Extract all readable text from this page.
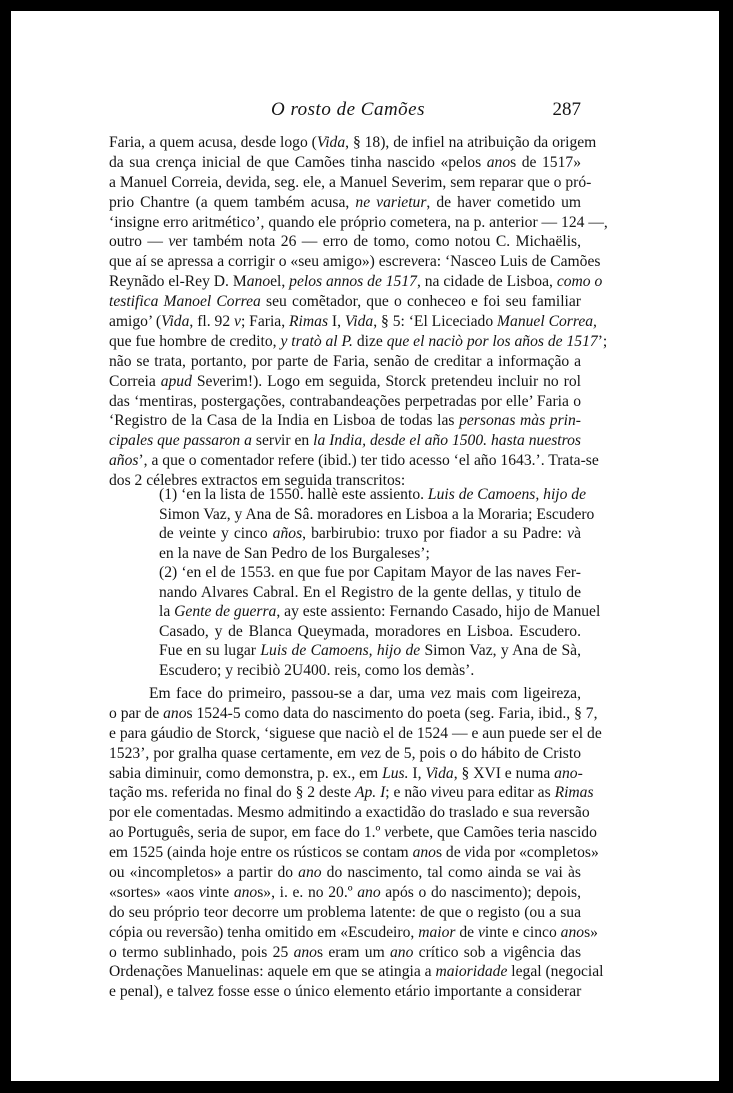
O rosto de Camões	287
Faria, a quem acusa, desde logo (Vida, § 18), de infiel na atribuição da origem
da sua crença inicial de que Camões tinha nascido «pelos anos de 1517»
a Manuel Correia, devida, seg. ele, a Manuel Severim, sem reparar que o pró-
prio Chantre (a quem também acusa, ne varietur, de haver cometido um
‘insigne erro aritmético’, quando ele próprio cometera, na p. anterior — 124 —,
outro — ver também nota 26 — erro de tomo, como notou C. Michaëlis,
que aí se apressa a corrigir o «seu amigo») escrevera: ‘Nasceo Luis de Camões
Reynãdo el-Rey D. Manoel, pelos annos de 1517, na cidade de Lisboa, como o
testifica Manoel Correa seu comẽtador, que o conheceo e foi seu familiar
amigo’ (Vida, fl. 92 v; Faria, Rimas I, Vida, § 5: ‘El Liceciado Manuel Correa,
que fue hombre de credito, y tratò al P. dize que el naciò por los años de 1517’;
não se trata, portanto, por parte de Faria, senão de creditar a informação a
Correia apud Severim!). Logo em seguida, Storck pretendeu incluir no rol
das ‘mentiras, postergações, contrabandeações perpetradas por elle’ Faria o
‘Registro de la Casa de la India en Lisboa de todas las personas màs prin-
cipales que passaron a servir en la India, desde el año 1500. hasta nuestros
años’, a que o comentador refere (ibid.) ter tido acesso ‘el año 1643.’. Trata-se
dos 2 célebres extractos em seguida transcritos:
(1) ‘en la lista de 1550. hallè este assiento. Luis de Camoens, hijo de
Simon Vaz, y Ana de Sâ. moradores en Lisboa a la Moraria; Escudero
de veinte y cinco años, barbirubio: truxo por fiador a su Padre: và
en la nave de San Pedro de los Burgaleses’;
(2) ‘en el de 1553. en que fue por Capitam Mayor de las naves Fer-
nando Alvares Cabral. En el Registro de la gente dellas, y titulo de
la Gente de guerra, ay este assiento: Fernando Casado, hijo de Manuel
Casado, y de Blanca Queymada, moradores en Lisboa. Escudero.
Fue en su lugar Luis de Camoens, hijo de Simon Vaz, y Ana de Sà,
Escudero; y recibiò 2U400. reis, como los demàs’.
Em face do primeiro, passou-se a dar, uma vez mais com ligeireza,
o par de anos 1524-5 como data do nascimento do poeta (seg. Faria, ibid., § 7,
e para gáudio de Storck, ‘siguese que naciò el de 1524 — e aun puede ser el de
1523’, por gralha quase certamente, em vez de 5, pois o do hábito de Cristo
sabia diminuir, como demonstra, p. ex., em Lus. I, Vida, § XVI e numa ano-
tação ms. referida no final do § 2 deste Ap. I; e não viveu para editar as Rimas
por ele comentadas. Mesmo admitindo a exactidão do traslado e sua reversão
ao Português, seria de supor, em face do 1.º verbete, que Camões teria nascido
em 1525 (ainda hoje entre os rústicos se contam anos de vida por «completos»
ou «incompletos» a partir do ano do nascimento, tal como ainda se vai às
«sortes» «aos vinte anos», i. e. no 20.º ano após o do nascimento); depois,
do seu próprio teor decorre um problema latente: de que o registo (ou a sua
cópia ou reversão) tenha omitido em «Escudeiro, maior de vinte e cinco anos»
o termo sublinhado, pois 25 anos eram um ano crítico sob a vigência das
Ordenações Manuelinas: aquele em que se atingia a maioridade legal (negocial
e penal), e talvez fosse esse o único elemento etário importante a considerar
